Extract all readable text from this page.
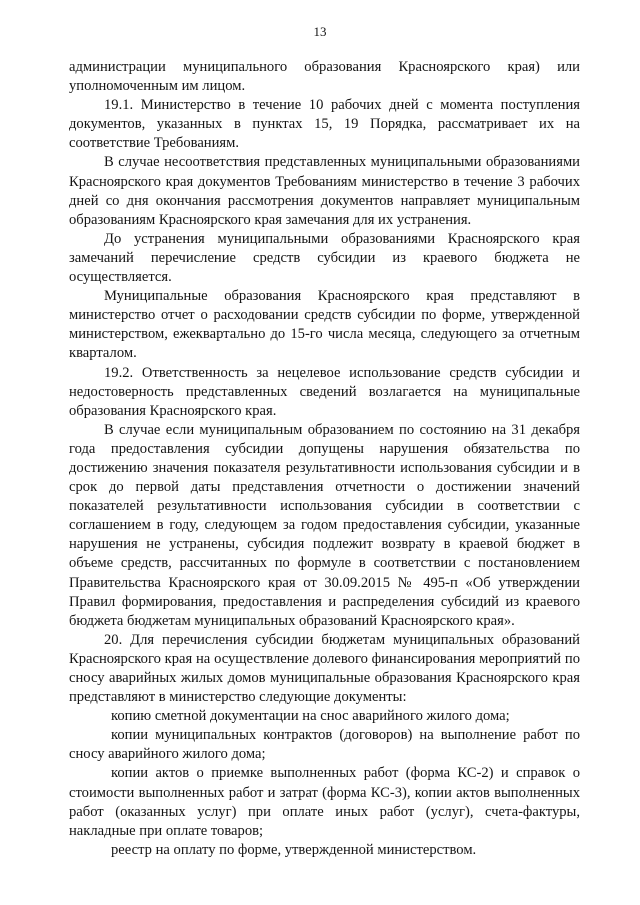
13

администрации муниципального образования Красноярского края) или уполномоченным им лицом.

19.1. Министерство в течение 10 рабочих дней с момента поступления документов, указанных в пунктах 15, 19 Порядка, рассматривает их на соответствие Требованиям.

В случае несоответствия представленных муниципальными образованиями Красноярского края документов Требованиям министерство в течение 3 рабочих дней со дня окончания рассмотрения документов направляет муниципальным образованиям Красноярского края замечания для их устранения.

До устранения муниципальными образованиями Красноярского края замечаний перечисление средств субсидии из краевого бюджета не осуществляется.

Муниципальные образования Красноярского края представляют в министерство отчет о расходовании средств субсидии по форме, утвержденной министерством, ежеквартально до 15-го числа месяца, следующего за отчетным кварталом.

19.2. Ответственность за нецелевое использование средств субсидии и недостоверность представленных сведений возлагается на муниципальные образования Красноярского края.

В случае если муниципальным образованием по состоянию на 31 декабря года предоставления субсидии допущены нарушения обязательства по достижению значения показателя результативности использования субсидии и в срок до первой даты представления отчетности о достижении значений показателей результативности использования субсидии в соответствии с соглашением в году, следующем за годом предоставления субсидии, указанные нарушения не устранены, субсидия подлежит возврату в краевой бюджет в объеме средств, рассчитанных по формуле в соответствии с постановлением Правительства Красноярского края от 30.09.2015 № 495-п «Об утверждении Правил формирования, предоставления и распределения субсидий из краевого бюджета бюджетам муниципальных образований Красноярского края».

20. Для перечисления субсидии бюджетам муниципальных образований Красноярского края на осуществление долевого финансирования мероприятий по сносу аварийных жилых домов муниципальные образования Красноярского края представляют в министерство следующие документы:

копию сметной документации на снос аварийного жилого дома;

копии муниципальных контрактов (договоров) на выполнение работ по сносу аварийного жилого дома;

копии актов о приемке выполненных работ (форма КС-2) и справок о стоимости выполненных работ и затрат (форма КС-3), копии актов выполненных работ (оказанных услуг) при оплате иных работ (услуг), счета-фактуры, накладные при оплате товаров;

реестр на оплату по форме, утвержденной министерством.
